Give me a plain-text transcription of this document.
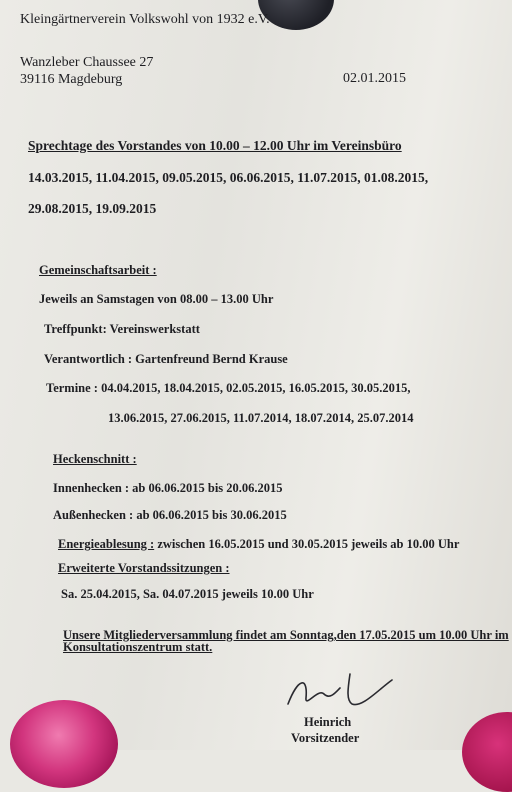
Kleingärtnerverein Volkswohl von 1932 e.V.
Wanzleber Chaussee 27
39116 Magdeburg	02.01.2015
Sprechtage des Vorstandes von 10.00 – 12.00 Uhr im Vereinsbüro
14.03.2015, 11.04.2015, 09.05.2015, 06.06.2015, 11.07.2015, 01.08.2015,
29.08.2015, 19.09.2015
Gemeinschaftsarbeit :
Jeweils an Samstagen von 08.00 – 13.00 Uhr
Treffpunkt: Vereinswerkstatt
Verantwortlich : Gartenfreund Bernd Krause
Termine : 04.04.2015, 18.04.2015, 02.05.2015, 16.05.2015, 30.05.2015,
13.06.2015, 27.06.2015, 11.07.2014, 18.07.2014, 25.07.2014
Heckenschnitt :
Innenhecken : ab 06.06.2015 bis 20.06.2015
Außenhecken : ab 06.06.2015 bis 30.06.2015
Energieablesung : zwischen 16.05.2015 und 30.05.2015 jeweils ab 10.00 Uhr
Erweiterte Vorstandssitzungen :
Sa. 25.04.2015, Sa. 04.07.2015 jeweils 10.00 Uhr
Unsere Mitgliederversammlung findet am Sonntag,den 17.05.2015 um 10.00 Uhr im
Konsultationszentrum statt.
Heinrich
Vorsitzender
